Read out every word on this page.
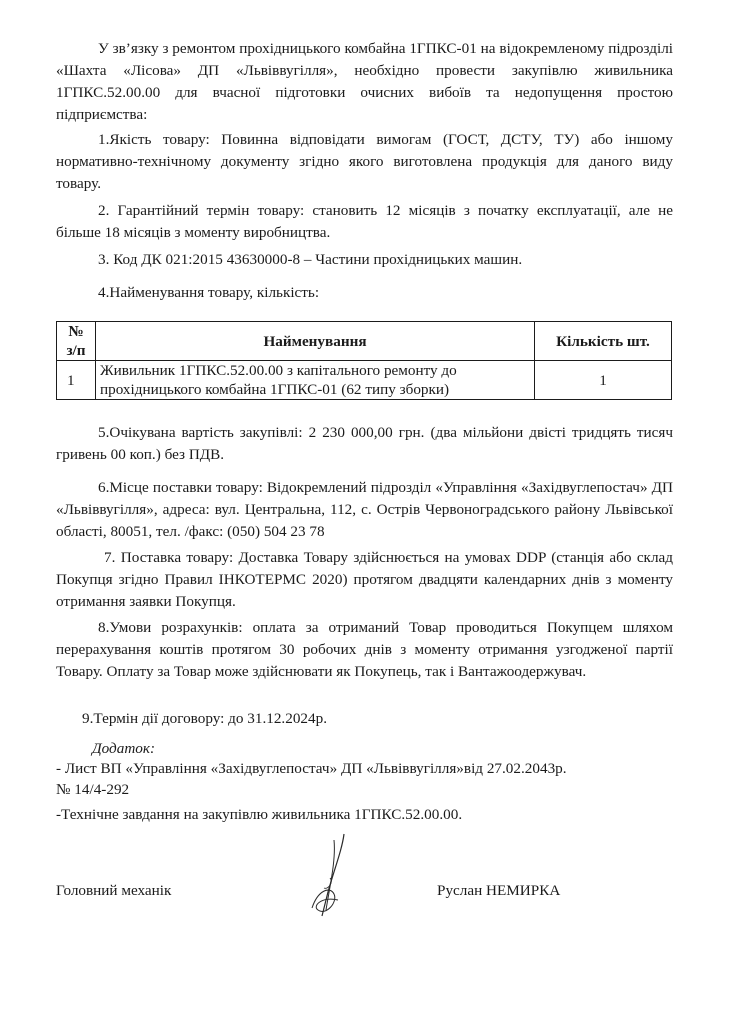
У зв’язку з ремонтом прохідницького комбайна 1ГПКС-01 на відокремленому підрозділі «Шахта «Лісова» ДП «Львіввугілля», необхідно провести закупівлю живильника 1ГПКС.52.00.00 для вчасної підготовки очисних вибоїв та недопущення простою підприємства:

1.Якість товару: Повинна відповідати вимогам (ГОСТ, ДСТУ, ТУ) або іншому нормативно-технічному документу згідно якого виготовлена продукція для даного виду товару.

2. Гарантійний термін товару: становить 12 місяців з початку експлуатації, але не більше 18 місяців з моменту виробництва.

3. Код ДК 021:2015 43630000-8 – Частини прохідницьких машин.

4.Найменування товару, кількість:

№
з/п	Найменування	Кількість шт.
1	Живильник 1ГПКС.52.00.00 з капітального ремонту до прохідницького комбайна 1ГПКС-01 (62 типу зборки)	1

5.Очікувана вартість закупівлі: 2 230 000,00 грн. (два мільйони двісті тридцять тисяч гривень 00 коп.) без ПДВ.

6.Місце поставки товару: Відокремлений підрозділ «Управління «Західвуглепостач» ДП «Львіввугілля», адреса: вул. Центральна, 112, с. Острів Червоноградського району Львівської області, 80051, тел. /факс: (050) 504 23 78

7. Поставка товару: Доставка Товару здійснюється на умовах DDP (станція або склад Покупця згідно Правил ІНКОТЕРМС 2020) протягом двадцяти календарних днів з моменту отримання заявки Покупця.

8.Умови розрахунків: оплата за отриманий Товар проводиться Покупцем шляхом перерахування коштів протягом 30 робочих днів з моменту отримання узгодженої партії Товару. Оплату за Товар може здійснювати як Покупець, так і Вантажоодержувач.

9.Термін дії договору: до 31.12.2024р.

Додаток:
- Лист ВП «Управління «Західвуглепостач» ДП «Львіввугілля»від 27.02.2043р.
№ 14/4-292
-Технічне завдання на закупівлю живильника 1ГПКС.52.00.00.
Головний механік	Руслан НЕМИРКА
